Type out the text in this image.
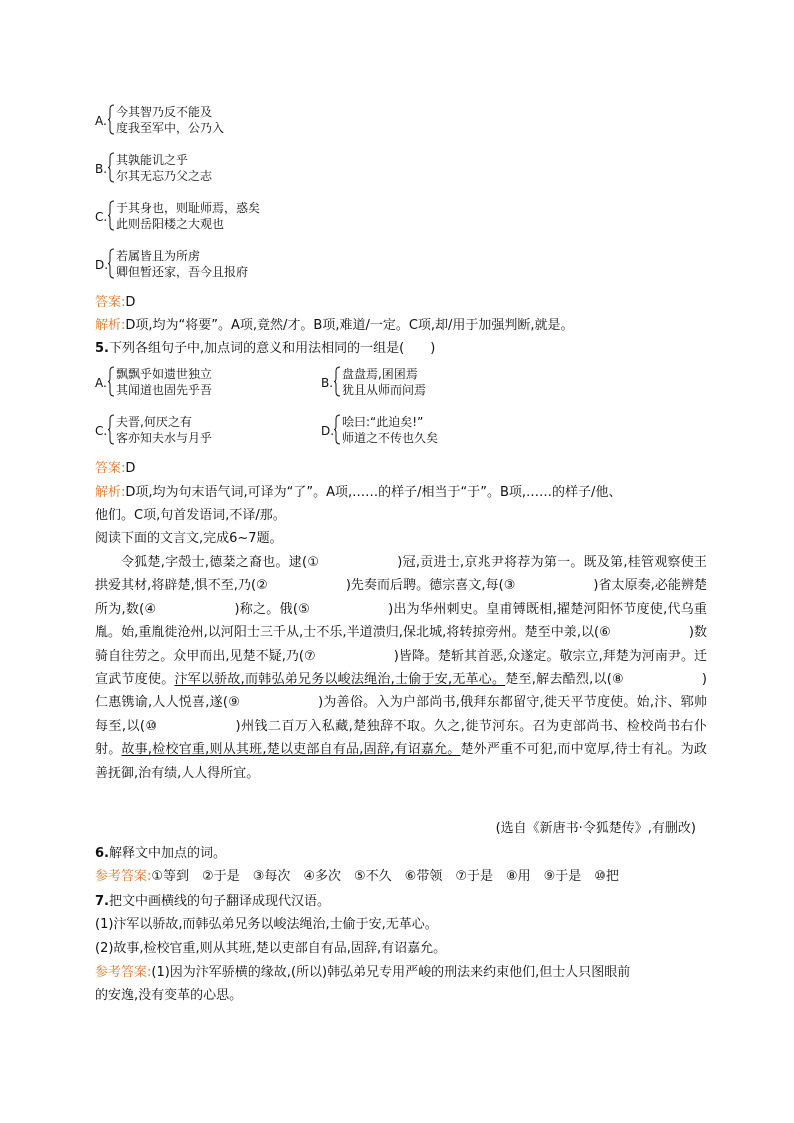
A.
今其智乃反不能及
度我至军中，公乃入
B.
其孰能讥之乎
尔其无忘乃父之志
C.
于其身也，则耻师焉，惑矣
此则岳阳楼之大观也
D.
若属皆且为所虏
卿但暂还家，吾今且报府
答案:D
解析:D项,均为“将要”。A项,竟然/才。B项,难道/一定。C项,却/用于加强判断,就是。
5.下列各组句子中,加点词的意义和用法相同的一组是(　　)
A.
飘飘乎如遗世独立
其闻道也固先乎吾	B.
盘盘焉,囷囷焉
犹且从师而问焉
C.
夫晋,何厌之有
客亦知夫水与月乎	D.
哙曰:“此迫矣!”
师道之不传也久矣
答案:D
解析:D项,均为句末语气词,可译为“了”。A项,……的样子/相当于“于”。B项,……的样子/他、
他们。C项,句首发语词,不译/那。
阅读下面的文言文,完成6~7题。
令狐楚,字殻士,德棻之裔也。逮(①	)冠,贡进士,京兆尹将荐为第一。既及第,桂管观察使王拱爱其材,将辟楚,惧不至,乃(②	)先奏而后聘。德宗喜文,每(③	)省太原奏,必能辨楚所为,数(④	)称之。俄(⑤	)出为华州刺史。皇甫镈既相,擢楚河阳怀节度使,代乌重胤。始,重胤徙沧州,以河阳士三千从,士不乐,半道溃归,保北城,将转掠旁州。楚至中𣴎,以(⑥	)数骑自往劳之。众甲而出,见楚不疑,乃(⑦	)皆降。楚斩其首恶,众遂定。敬宗立,拜楚为河南尹。迁宣武节度使。汴军以骄故,而韩弘弟兄务以峻法绳治,士偷于安,无革心。楚至,解去酷烈,以(⑧	)仁惠镌谕,人人悦喜,遂(⑨	)为善俗。入为户部尚书,俄拜东都留守,徙天平节度使。始,汴、郓帅每至,以(⑩	)州钱二百万入私藏,楚独辞不取。久之,徙节河东。召为吏部尚书、检校尚书右仆射。故事,检校官重,则从其班,楚以吏部自有品,固辞,有诏嘉允。楚外严重不可犯,而中宽厚,待士有礼。为政善抚御,治有绩,人人得所宜。
(选自《新唐书·令狐楚传》,有删改)
6.解释文中加点的词。
参考答案:①等到　②于是　③每次　④多次　⑤不久　⑥带领　⑦于是　⑧用　⑨于是　⑩把
7.把文中画横线的句子翻译成现代汉语。
(1)汴军以骄故,而韩弘弟兄务以峻法绳治,士偷于安,无革心。
(2)故事,检校官重,则从其班,楚以吏部自有品,固辞,有诏嘉允。
参考答案:(1)因为汴军骄横的缘故,(所以)韩弘弟兄专用严峻的刑法来约束他们,但士人只图眼前
的安逸,没有变革的心思。
